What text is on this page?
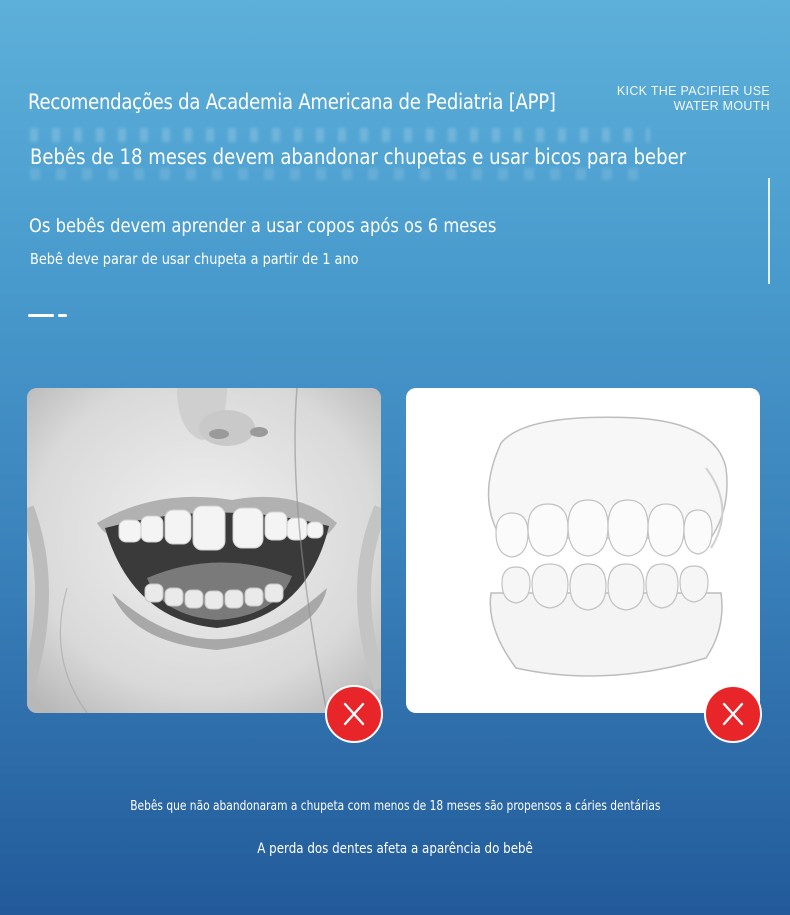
Recomendações da Academia Americana de Pediatria [APP]	KICK THE PACIFIER USE
WATER MOUTH
Bebês de 18 meses devem abandonar chupetas e usar bicos para beber
Os bebês devem aprender a usar copos após os 6 meses
Bebê deve parar de usar chupeta a partir de 1 ano
Bebês que não abandonaram a chupeta com menos de 18 meses são propensos a cáries dentárias
A perda dos dentes afeta a aparência do bebê
